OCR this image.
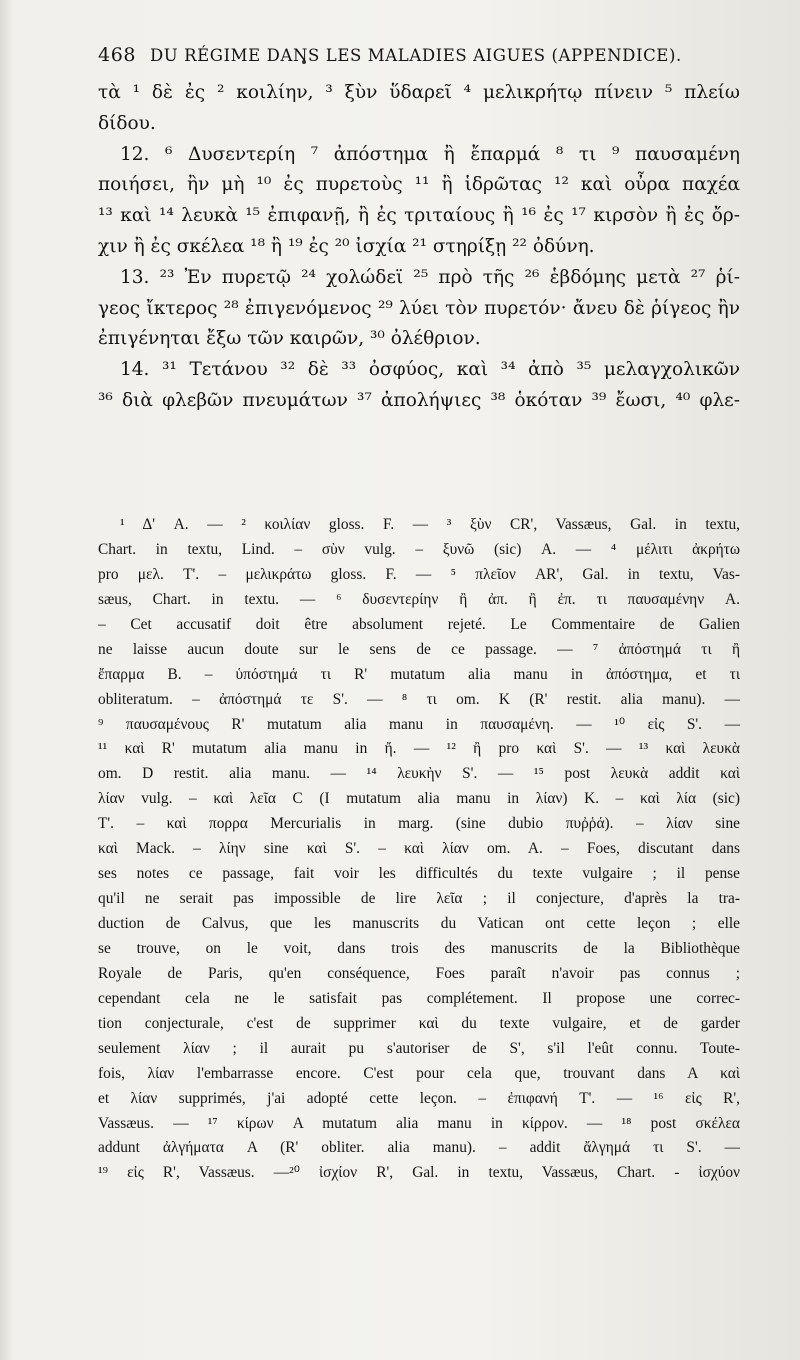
468 DU RÉGIME DANS LES MALADIES AIGUES (APPENDICE).
τὰ ¹ δὲ ἐς ² κοιλίην, ³ ξὺν ὕδαρεῖ ⁴ μελικρήτῳ πίνειν ⁵ πλείω
δίδου.
12. ⁶ Δυσεντερίη ⁷ ἀπόστημα ἢ ἔπαρμά ⁸ τι ⁹ παυσαμένη
ποιήσει, ἢν μὴ ¹⁰ ἐς πυρετοὺς ¹¹ ἢ ἱδρῶτας ¹² καὶ οὖρα παχέα
¹³ καὶ ¹⁴ λευκὰ ¹⁵ ἐπιφανῇ, ἢ ἐς τριταίους ἢ ¹⁶ ἐς ¹⁷ κιρσὸν ἢ ἐς ὄρ-
χιν ἢ ἐς σκέλεα ¹⁸ ἢ ¹⁹ ἐς ²⁰ ἰσχία ²¹ στηρίξῃ ²² ὀδύνη.
13. ²³ Ἐν πυρετῷ ²⁴ χολώδεϊ ²⁵ πρὸ τῆς ²⁶ ἑβδόμης μετὰ ²⁷ ῥί-
γεος ἴκτερος ²⁸ ἐπιγενόμενος ²⁹ λύει τὸν πυρετόν· ἄνευ δὲ ῥίγεος ἢν
ἐπιγένηται ἔξω τῶν καιρῶν, ³⁰ ὀλέθριον.
14. ³¹ Τετάνου ³² δὲ ³³ ὀσφύος, καὶ ³⁴ ἀπὸ ³⁵ μελαγχολικῶν
³⁶ διὰ φλεβῶν πνευμάτων ³⁷ ἀπολήψιες ³⁸ ὁκόταν ³⁹ ἔωσι, ⁴⁰ φλε-
¹ Δ' A. — ² κοιλίαν gloss. F. — ³ ξὺν CR', Vassæus, Gal. in textu,
Chart. in textu, Lind. – σὺν vulg. – ξυνῶ (sic) A. — ⁴ μέλιτι ἀκρήτω
pro μελ. T'. – μελικράτω gloss. F. — ⁵ πλεῖον AR', Gal. in textu, Vas-
sæus, Chart. in textu. — ⁶ δυσεντερίην ἢ ἀπ. ἢ ἐπ. τι παυσαμένην A.
– Cet accusatif doit être absolument rejeté. Le Commentaire de Galien
ne laisse aucun doute sur le sens de ce passage. — ⁷ ἀπόστημά τι ἢ
ἔπαρμα B. – ὑπόστημά τι R' mutatum alia manu in ἀπόστημα, et τι
obliteratum. – ἀπόστημά τε S'. — ⁸ τι om. K (R' restit. alia manu). —
⁹ παυσαμένους R' mutatum alia manu in παυσαμένη. — ¹⁰ εἰς S'. —
¹¹ καὶ R' mutatum alia manu in ἤ. — ¹² ἢ pro καὶ S'. — ¹³ καὶ λευκὰ
om. D restit. alia manu. — ¹⁴ λευκὴν S'. — ¹⁵ post λευκὰ addit καὶ
λίαν vulg. – καὶ λεῖα C (I mutatum alia manu in λίαν) K. – καὶ λία (sic)
T'. – καὶ πορρα Mercurialis in marg. (sine dubio πυῤῥά). – λίαν sine
καὶ Mack. – λίην sine καὶ S'. – καὶ λίαν om. A. – Foes, discutant dans
ses notes ce passage, fait voir les difficultés du texte vulgaire ; il pense
qu'il ne serait pas impossible de lire λεῖα ; il conjecture, d'après la tra-
duction de Calvus, que les manuscrits du Vatican ont cette leçon ; elle
se trouve, on le voit, dans trois des manuscrits de la Bibliothèque
Royale de Paris, qu'en conséquence, Foes paraît n'avoir pas connus ;
cependant cela ne le satisfait pas complétement. Il propose une correc-
tion conjecturale, c'est de supprimer καὶ du texte vulgaire, et de garder
seulement λίαν ; il aurait pu s'autoriser de S', s'il l'eût connu. Toute-
fois, λίαν l'embarrasse encore. C'est pour cela que, trouvant dans A καὶ
et λίαν supprimés, j'ai adopté cette leçon. – ἐπιφανή T'. — ¹⁶ εἰς R',
Vassæus. — ¹⁷ κίρων A mutatum alia manu in κίρρον. — ¹⁸ post σκέλεα
addunt ἀλγήματα A (R' obliter. alia manu). – addit ἄλγημά τι S'. —
¹⁹ εἰς R', Vassæus. —²⁰ ἰσχίον R', Gal. in textu, Vassæus, Chart. - ἰσχύον
